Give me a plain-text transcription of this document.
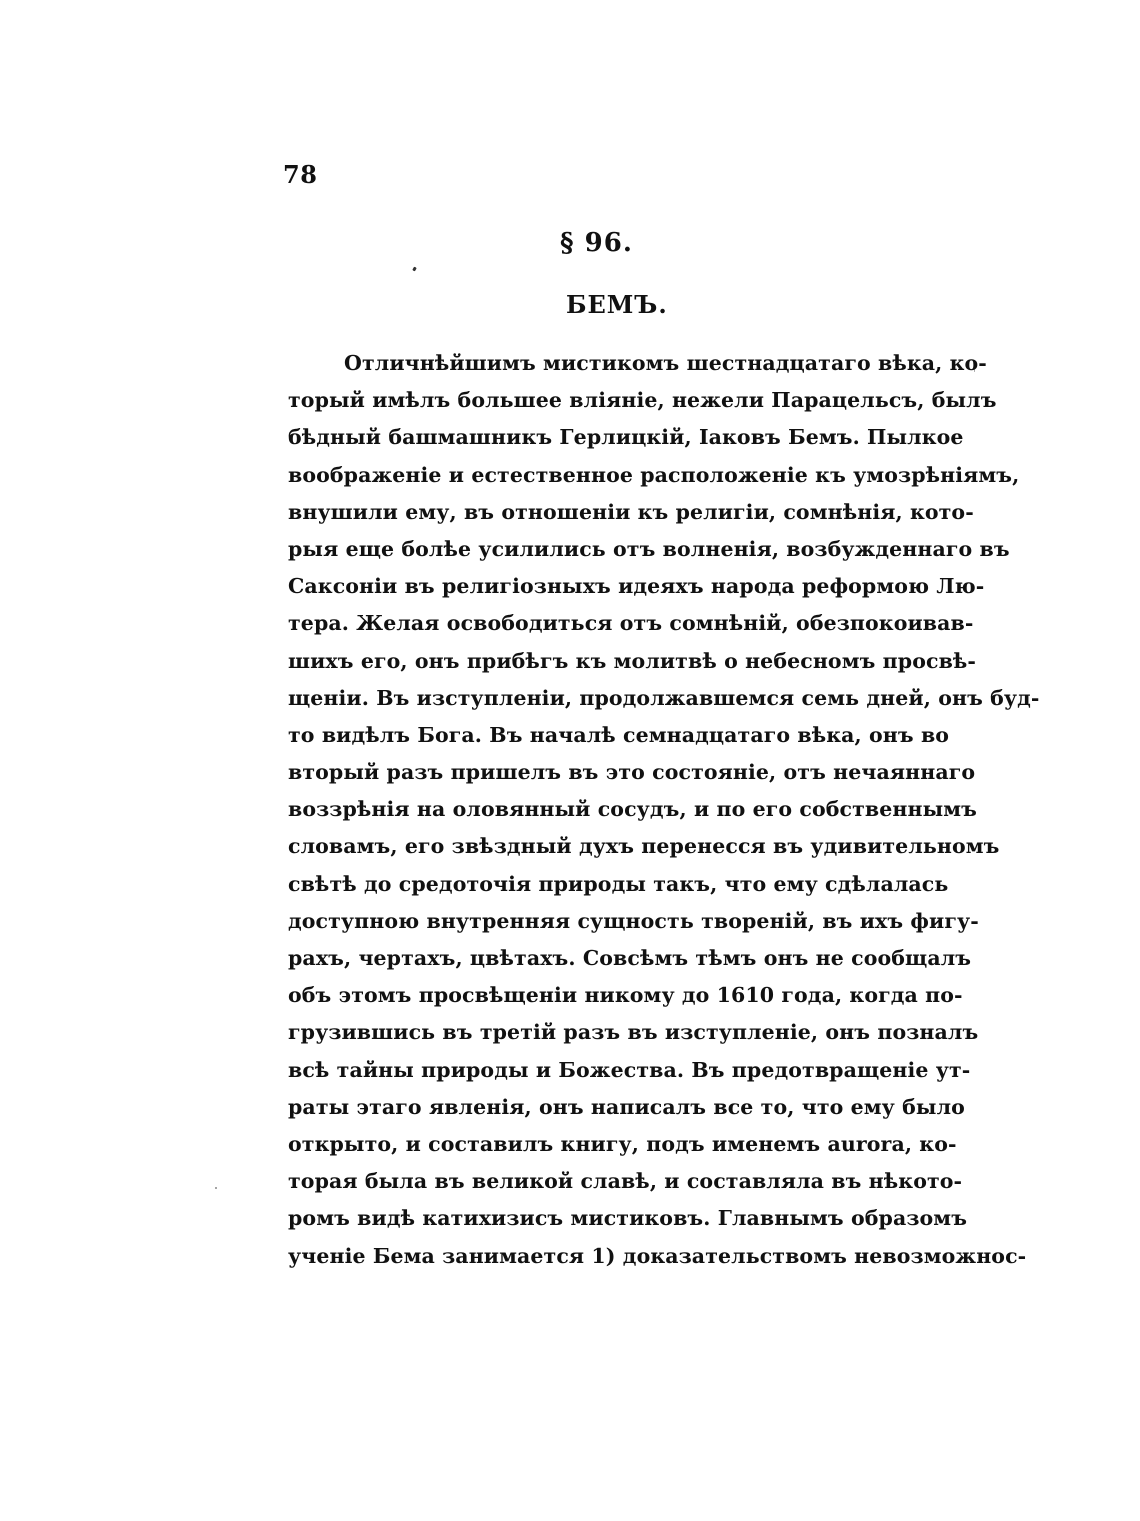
78
§ 96.
БЕМЪ.
Отличнѣйшимъ мистикомъ шестнадцатаго вѣка, ко-
торый имѣлъ большее влiянiе, нежели Парацельсъ, былъ
бѣдный башмашникъ Герлицкiй, Iаковъ Бемъ. Пылкое
воображенiе и естественное расположенiе къ умозрѣнiямъ,
внушили ему, въ отношенiи къ религiи, сомнѣнiя, кото-
рыя еще болѣе усилились отъ волненiя, возбужденнаго въ
Саксонiи въ религiозныхъ идеяхъ народа реформою Лю-
тера. Желая освободиться отъ сомнѣнiй, обезпокоивав-
шихъ его, онъ прибѣгъ къ молитвѣ о небесномъ просвѣ-
щенiи. Въ изступленiи, продолжавшемся семь дней, онъ буд-
то видѣлъ Бога. Въ началѣ семнадцатаго вѣка, онъ во
вторый разъ пришелъ въ это состоянiе, отъ нечаяннаго
воззрѣнiя на оловянный сосудъ, и по его собственнымъ
словамъ, его звѣздный духъ перенесся въ удивительномъ
свѣтѣ до средоточiя природы такъ, что ему сдѣлалась
доступною внутренняя сущность творенiй, въ ихъ фигу-
рахъ, чертахъ, цвѣтахъ. Совсѣмъ тѣмъ онъ не сообщалъ
объ этомъ просвѣщенiи никому до 1610 года, когда по-
грузившись въ третiй разъ въ изступленiе, онъ позналъ
всѣ тайны природы и Божества. Въ предотвращенiе ут-
раты этаго явленiя, онъ написалъ все то, что ему было
открыто, и составилъ книгу, подъ именемъ aurora, ко-
торая была въ великой славѣ, и составляла въ нѣкото-
ромъ видѣ катихизисъ мистиковъ. Главнымъ образомъ
ученiе Бема занимается 1) доказательствомъ невозможнос-
